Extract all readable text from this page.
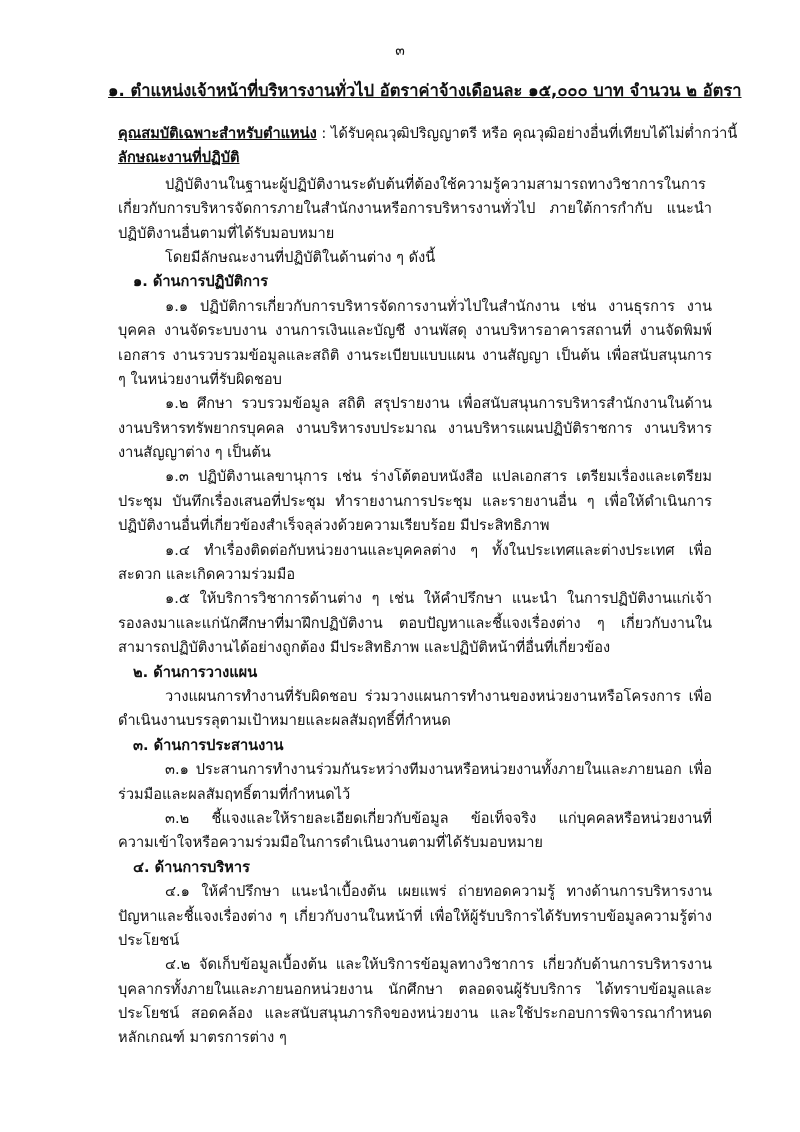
๓
๑. ตำแหน่งเจ้าหน้าที่บริหารงานทั่วไป อัตราค่าจ้างเดือนละ ๑๕,๐๐๐ บาท จำนวน ๒ อัตรา
คุณสมบัติเฉพาะสำหรับตำแหน่ง : ได้รับคุณวุฒิปริญญาตรี หรือ คุณวุฒิอย่างอื่นที่เทียบได้ไม่ต่ำกว่านี้
ลักษณะงานที่ปฏิบัติ
ปฏิบัติงานในฐานะผู้ปฏิบัติงานระดับต้นที่ต้องใช้ความรู้ความสามารถทางวิชาการในการ
เกี่ยวกับการบริหารจัดการภายในสำนักงานหรือการบริหารงานทั่วไป ภายใต้การกำกับ แนะนำ
ปฏิบัติงานอื่นตามที่ได้รับมอบหมาย
โดยมีลักษณะงานที่ปฏิบัติในด้านต่าง ๆ ดังนี้
๑. ด้านการปฏิบัติการ
๑.๑ ปฏิบัติการเกี่ยวกับการบริหารจัดการงานทั่วไปในสำนักงาน เช่น งานธุรการ งาน
บุคคล งานจัดระบบงาน งานการเงินและบัญชี งานพัสดุ งานบริหารอาคารสถานที่ งานจัดพิมพ์
เอกสาร งานรวบรวมข้อมูลและสถิติ งานระเบียบแบบแผน งานสัญญา เป็นต้น เพื่อสนับสนุนการ
ๆ ในหน่วยงานที่รับผิดชอบ
๑.๒ ศึกษา รวบรวมข้อมูล สถิติ สรุปรายงาน เพื่อสนับสนุนการบริหารสำนักงานในด้าน
งานบริหารทรัพยากรบุคคล งานบริหารงบประมาณ งานบริหารแผนปฏิบัติราชการ งานบริหาร
งานสัญญาต่าง ๆ เป็นต้น
๑.๓ ปฏิบัติงานเลขานุการ เช่น ร่างโต้ตอบหนังสือ แปลเอกสาร เตรียมเรื่องและเตรียม
ประชุม บันทึกเรื่องเสนอที่ประชุม ทำรายงานการประชุม และรายงานอื่น ๆ เพื่อให้ดำเนินการ
ปฏิบัติงานอื่นที่เกี่ยวข้องสำเร็จลุล่วงด้วยความเรียบร้อย มีประสิทธิภาพ
๑.๔ ทำเรื่องติดต่อกับหน่วยงานและบุคคลต่าง ๆ ทั้งในประเทศและต่างประเทศ เพื่อ
สะดวก และเกิดความร่วมมือ
๑.๕ ให้บริการวิชาการด้านต่าง ๆ เช่น ให้คำปรึกษา แนะนำ ในการปฏิบัติงานแก่เจ้า
รองลงมาและแก่นักศึกษาที่มาฝึกปฏิบัติงาน ตอบปัญหาและชี้แจงเรื่องต่าง ๆ เกี่ยวกับงานใน
สามารถปฏิบัติงานได้อย่างถูกต้อง มีประสิทธิภาพ และปฏิบัติหน้าที่อื่นที่เกี่ยวข้อง
๒. ด้านการวางแผน
วางแผนการทำงานที่รับผิดชอบ ร่วมวางแผนการทำงานของหน่วยงานหรือโครงการ เพื่อ
ดำเนินงานบรรลุตามเป้าหมายและผลสัมฤทธิ์ที่กำหนด
๓. ด้านการประสานงาน
๓.๑ ประสานการทำงานร่วมกันระหว่างทีมงานหรือหน่วยงานทั้งภายในและภายนอก เพื่อ
ร่วมมือและผลสัมฤทธิ์ตามที่กำหนดไว้
๓.๒ ชี้แจงและให้รายละเอียดเกี่ยวกับข้อมูล ข้อเท็จจริง แก่บุคคลหรือหน่วยงานที่
ความเข้าใจหรือความร่วมมือในการดำเนินงานตามที่ได้รับมอบหมาย
๔. ด้านการบริหาร
๔.๑ ให้คำปรึกษา แนะนำเบื้องต้น เผยแพร่ ถ่ายทอดความรู้ ทางด้านการบริหารงาน
ปัญหาและชี้แจงเรื่องต่าง ๆ เกี่ยวกับงานในหน้าที่ เพื่อให้ผู้รับบริการได้รับทราบข้อมูลความรู้ต่าง
ประโยชน์
๔.๒ จัดเก็บข้อมูลเบื้องต้น และให้บริการข้อมูลทางวิชาการ เกี่ยวกับด้านการบริหารงาน
บุคลากรทั้งภายในและภายนอกหน่วยงาน นักศึกษา ตลอดจนผู้รับบริการ ได้ทราบข้อมูลและ
ประโยชน์ สอดคล้อง และสนับสนุนภารกิจของหน่วยงาน และใช้ประกอบการพิจารณากำหนด
หลักเกณฑ์ มาตรการต่าง ๆ
